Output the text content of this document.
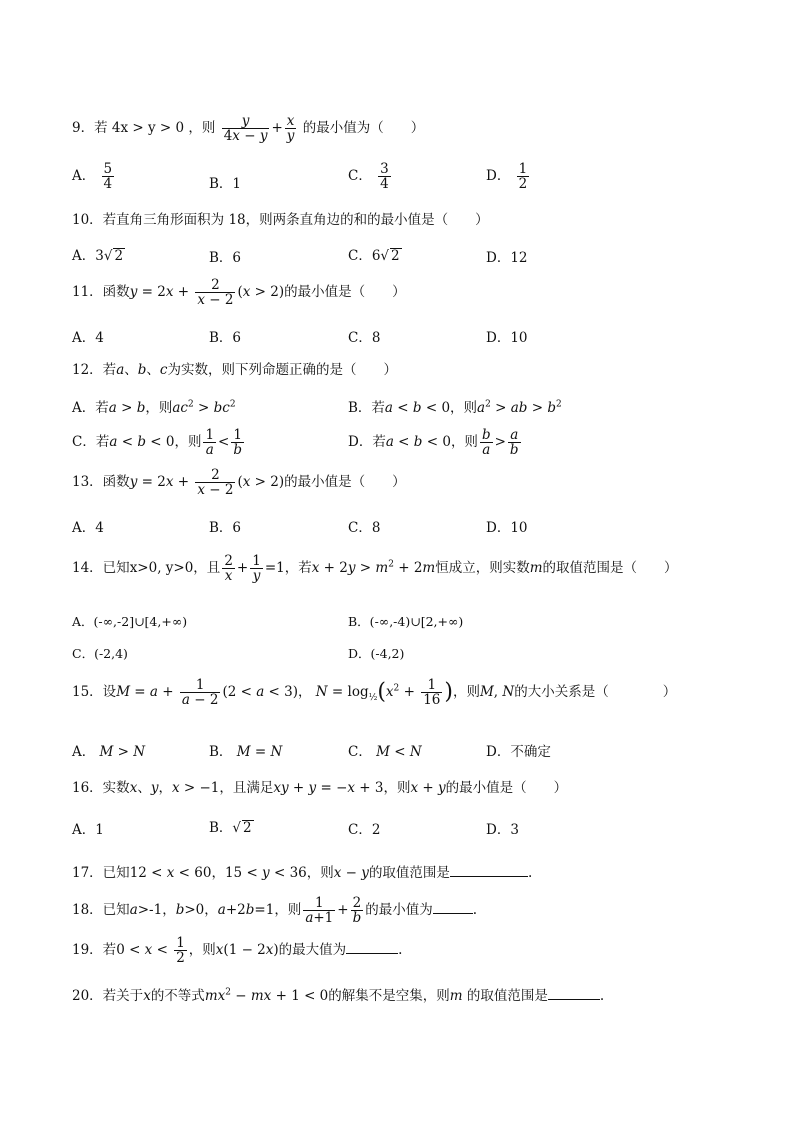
9．若 4x > y > 0 ，则 $\frac{y}{4x - y} + \frac{x}{y}$ 的最小值为（　　）
A． $\frac{5}{4}$	B．1	C． $\frac{3}{4}$	D． $\frac{1}{2}$
10．若直角三角形面积为 18，则两条直角边的和的最小值是（　　）
A．3√ 2	B．6	C．6√ 2	D．12
11．函数$y = 2x + \frac{2}{x - 2} (x > 2)$的最小值是（　　）
A．4	B．6	C．8	D．10
12．若a、b、c为实数，则下列命题正确的是（　　）
A．若a > b，则$ac^2 > bc^2$	B．若a < b < 0，则$a^2$ > ab > $b^2$
C．若a < b < 0，则 $\frac{1}{a} < \frac{1}{b}$	D．若a < b < 0，则 $\frac{b}{a} > \frac{a}{b}$
13．函数$y = 2x + \frac{2}{x - 2} (x > 2)$的最小值是（　　）
A．4	B．6	C．8	D．10
14．已知x>0, y>0，且 $\frac{2}{x} + \frac{1}{y} =1$，若$x + 2y > m^2 + 2m$恒成立，则实数m的取值范围是（　　）
A．(-∞,-2]∪[4,+∞)	B．(-∞,-4)∪[2,+∞)
C．(-2,4)	D．(-4,2)
15．设$M = a + \frac{1}{a - 2} (2 < a < 3)$， $N = \log_{\frac{1}{2}}(x^2 + \frac{1}{16}$ )，则M, N的大小关系是（　　　　）
A． M > N	B． M = N	C． M < N	D．不确定
16．实数x、y，x > −1，且满足xy + y = −x + 3，则x + y的最小值是（　　）
A．1	B．√ 2	C．2	D．3
17．已知12 < x < 60，15 < y < 36，则x − y的取值范围是	.
18．已知a>-1，b>0，a+2b=1，则 $\frac{1}{a+1} + \frac{2}{b}$ 的最小值为	.
19．若$0 < x < \frac{1}{2}$ ，则x(1 − 2x)的最大值为	.
20．若关于x的不等式$mx^2$ − mx + 1 < 0的解集不是空集，则m 的取值范围是	.
